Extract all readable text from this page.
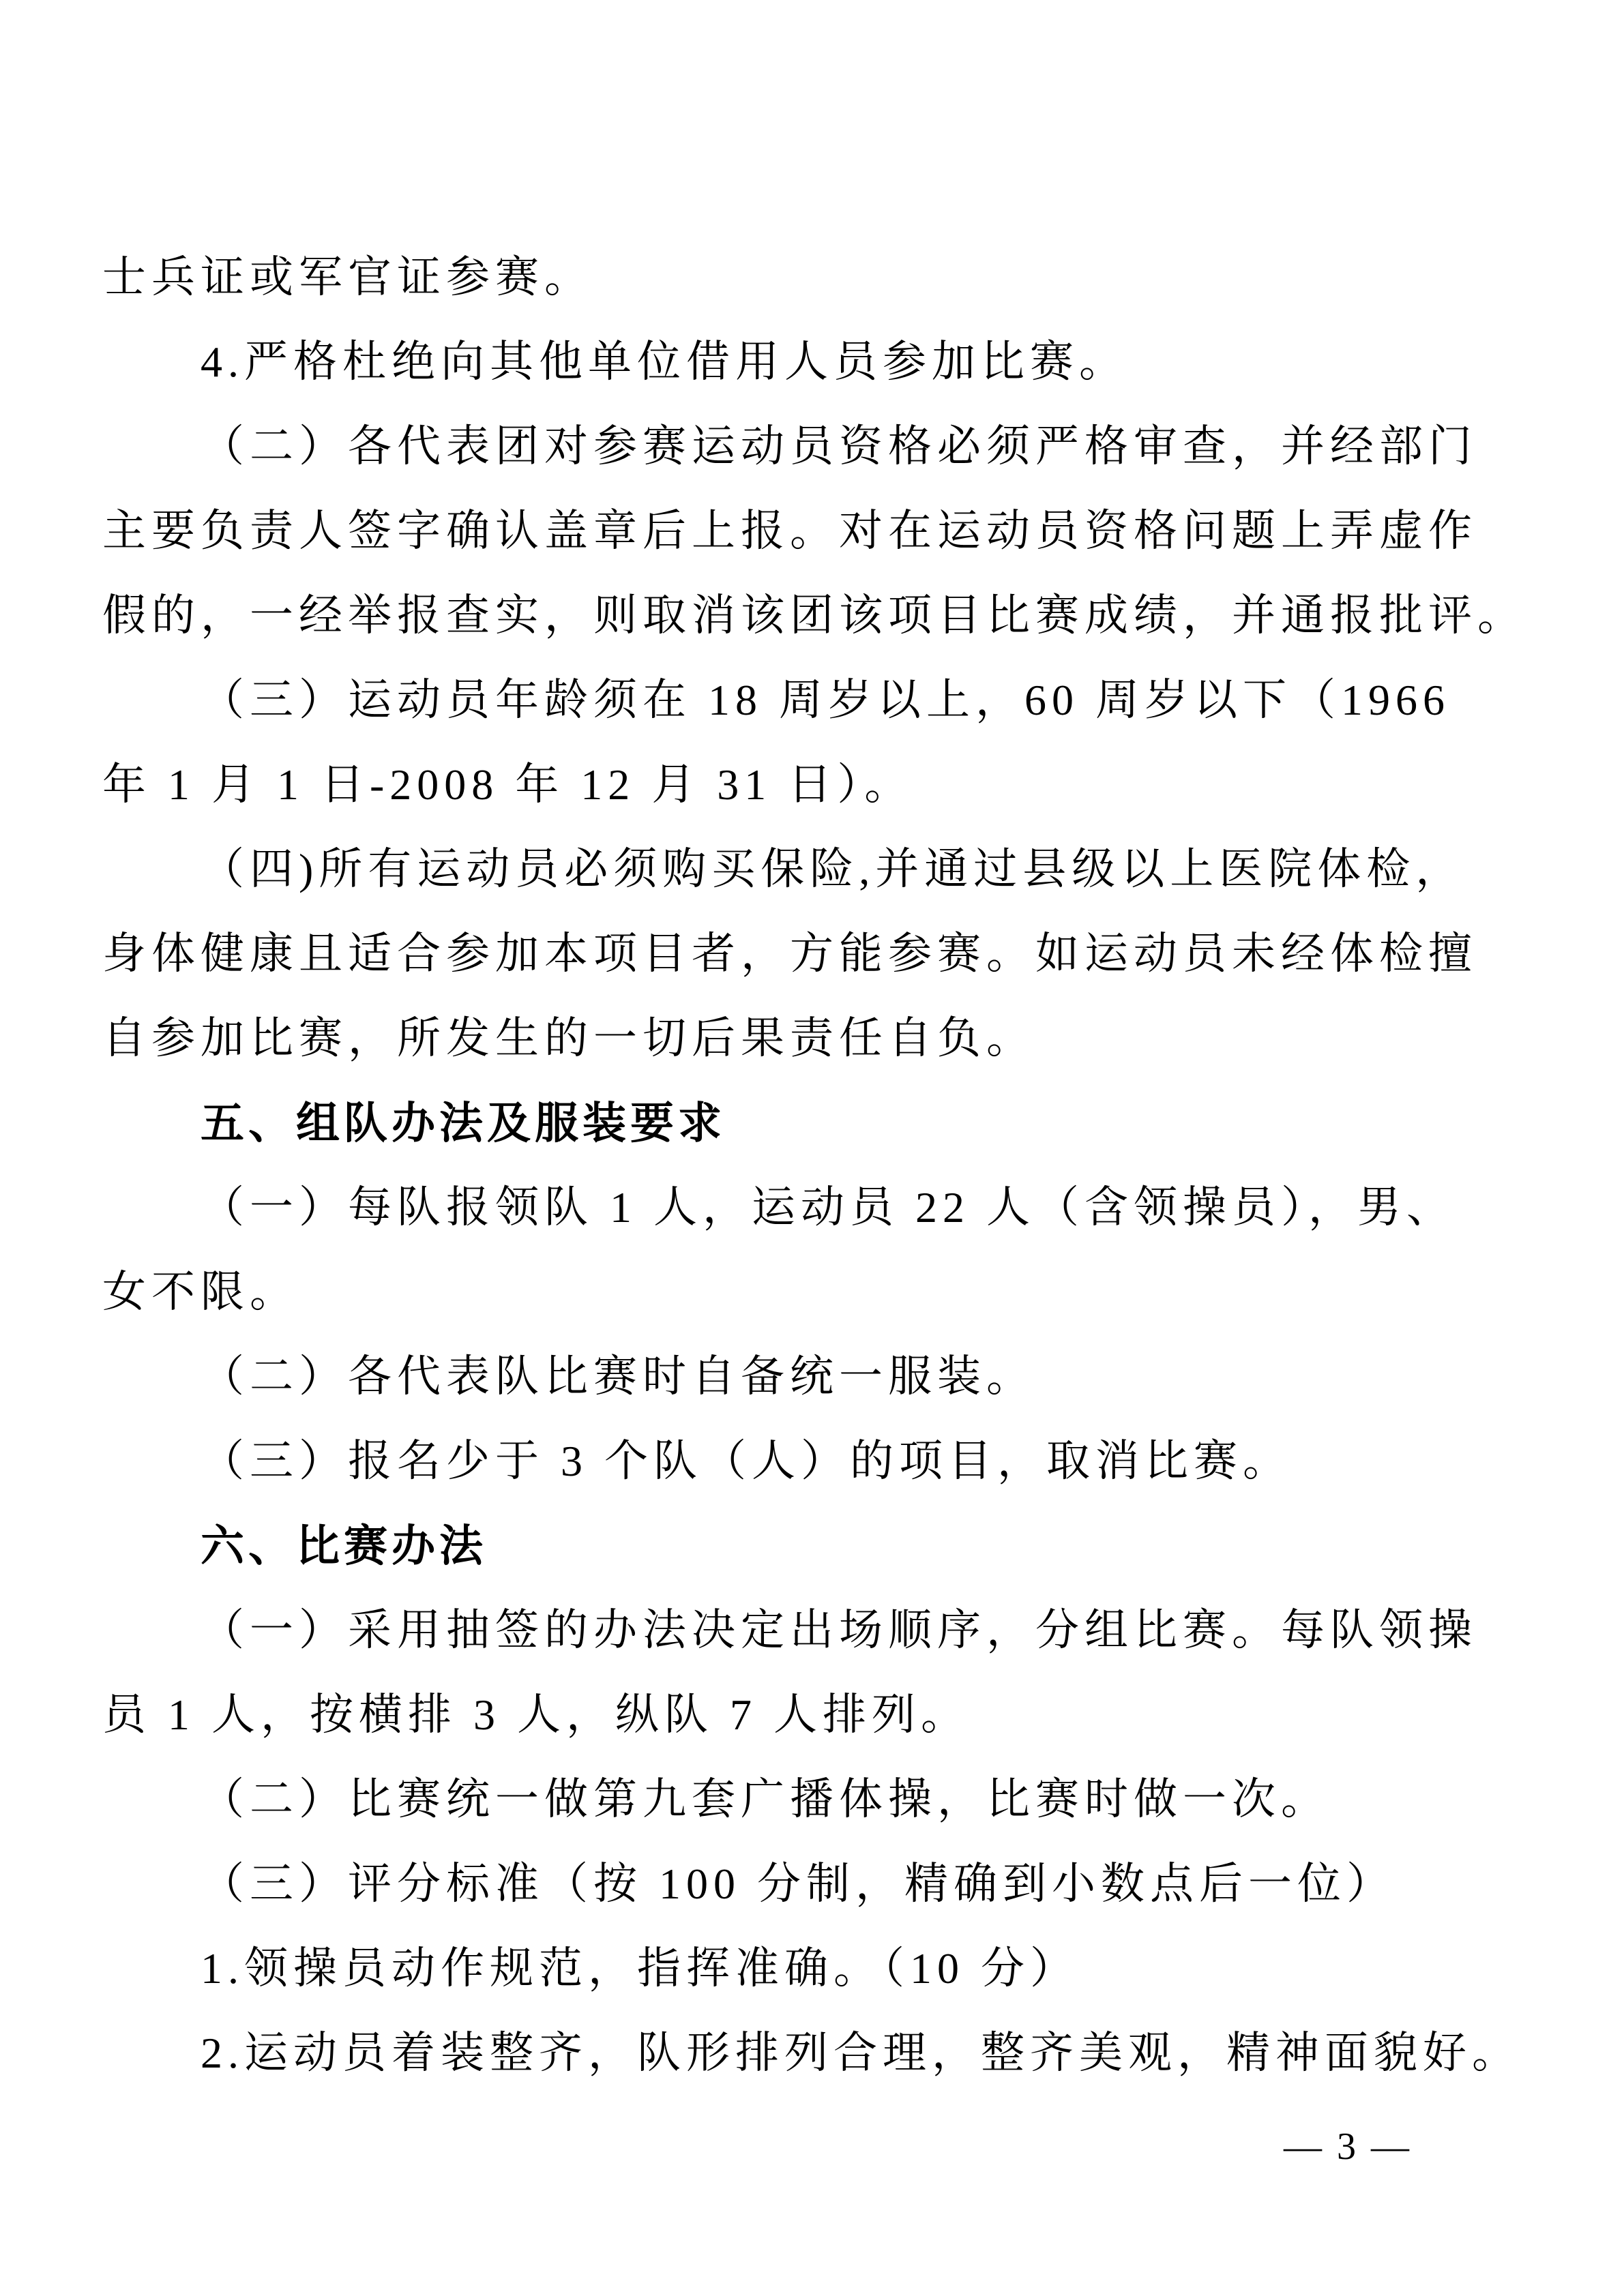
士兵证或军官证参赛。
4.严格杜绝向其他单位借用人员参加比赛。
（二）各代表团对参赛运动员资格必须严格审查，并经部门
主要负责人签字确认盖章后上报。对在运动员资格问题上弄虚作
假的，一经举报查实，则取消该团该项目比赛成绩，并通报批评。
（三）运动员年龄须在 18 周岁以上，60 周岁以下（1966
年 1 月 1 日-2008 年 12 月 31 日）。
（四)所有运动员必须购买保险,并通过县级以上医院体检，
身体健康且适合参加本项目者，方能参赛。如运动员未经体检擅
自参加比赛，所发生的一切后果责任自负。
五、组队办法及服装要求
（一）每队报领队 1 人，运动员 22 人（含领操员），男、
女不限。
（二）各代表队比赛时自备统一服装。
（三）报名少于 3 个队（人）的项目，取消比赛。
六、比赛办法
（一）采用抽签的办法决定出场顺序，分组比赛。每队领操
员 1 人，按横排 3 人，纵队 7 人排列。
（二）比赛统一做第九套广播体操，比赛时做一次。
（三）评分标准（按 100 分制，精确到小数点后一位）
1.领操员动作规范，指挥准确。（10 分）
2.运动员着装整齐，队形排列合理，整齐美观，精神面貌好。
— 3 —
